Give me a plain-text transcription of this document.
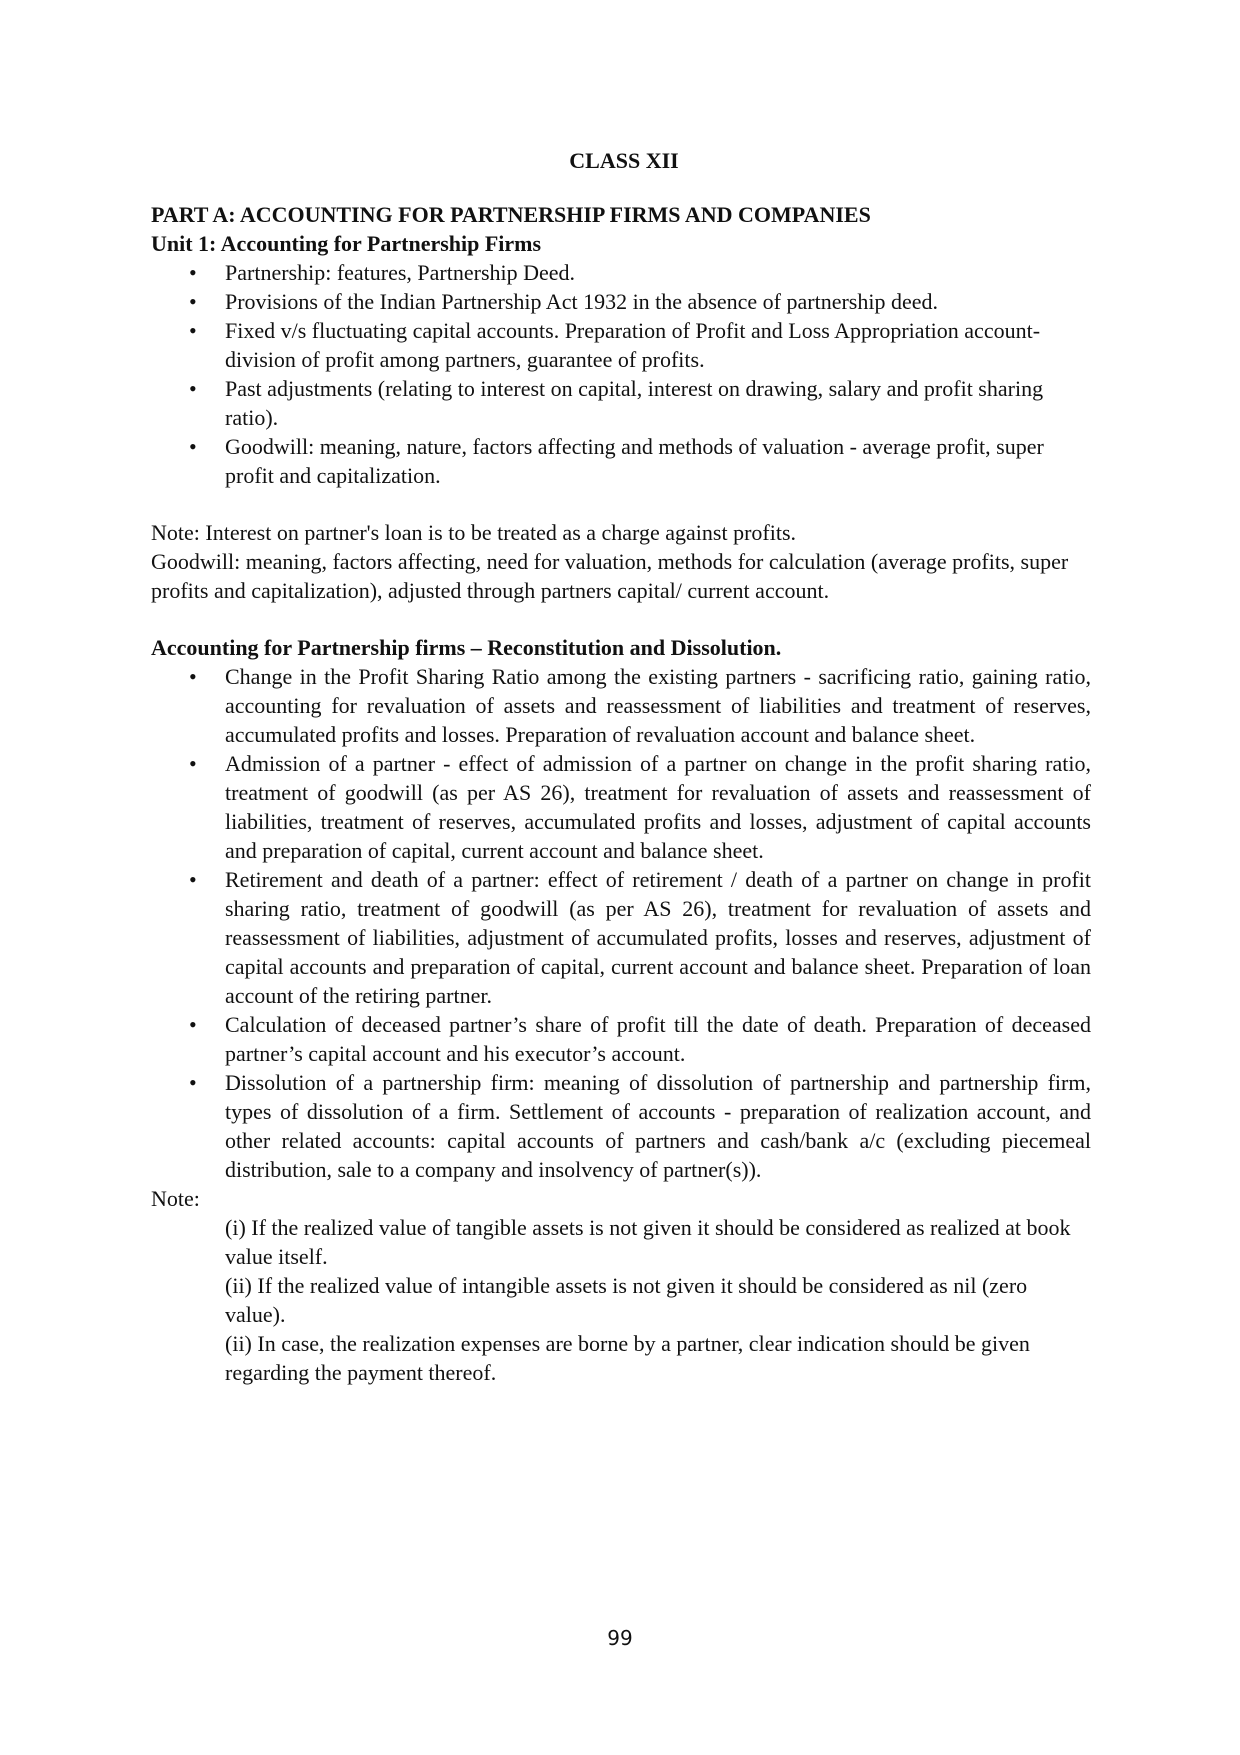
CLASS XII
PART A: ACCOUNTING FOR PARTNERSHIP FIRMS AND COMPANIES
Unit 1: Accounting for Partnership Firms
• Partnership: features, Partnership Deed.
• Provisions of the Indian Partnership Act 1932 in the absence of partnership deed.
• Fixed v/s fluctuating capital accounts. Preparation of Profit and Loss Appropriation account- division of profit among partners, guarantee of profits.
• Past adjustments (relating to interest on capital, interest on drawing, salary and profit sharing ratio).
• Goodwill: meaning, nature, factors affecting and methods of valuation - average profit, super profit and capitalization.
Note: Interest on partner's loan is to be treated as a charge against profits.
Goodwill: meaning, factors affecting, need for valuation, methods for calculation (average profits, super profits and capitalization), adjusted through partners capital/ current account.
Accounting for Partnership firms – Reconstitution and Dissolution.
• Change in the Profit Sharing Ratio among the existing partners - sacrificing ratio, gaining ratio, accounting for revaluation of assets and reassessment of liabilities and treatment of reserves, accumulated profits and losses. Preparation of revaluation account and balance sheet.
• Admission of a partner - effect of admission of a partner on change in the profit sharing ratio, treatment of goodwill (as per AS 26), treatment for revaluation of assets and reassessment of liabilities, treatment of reserves, accumulated profits and losses, adjustment of capital accounts and preparation of capital, current account and balance sheet.
• Retirement and death of a partner: effect of retirement / death of a partner on change in profit sharing ratio, treatment of goodwill (as per AS 26), treatment for revaluation of assets and reassessment of liabilities, adjustment of accumulated profits, losses and reserves, adjustment of capital accounts and preparation of capital, current account and balance sheet. Preparation of loan account of the retiring partner.
• Calculation of deceased partner’s share of profit till the date of death. Preparation of deceased partner’s capital account and his executor’s account.
• Dissolution of a partnership firm: meaning of dissolution of partnership and partnership firm, types of dissolution of a firm. Settlement of accounts - preparation of realization account, and other related accounts: capital accounts of partners and cash/bank a/c (excluding piecemeal distribution, sale to a company and insolvency of partner(s)).
Note:
(i) If the realized value of tangible assets is not given it should be considered as realized at book value itself.
(ii) If the realized value of intangible assets is not given it should be considered as nil (zero value).
(ii) In case, the realization expenses are borne by a partner, clear indication should be given regarding the payment thereof.
99
